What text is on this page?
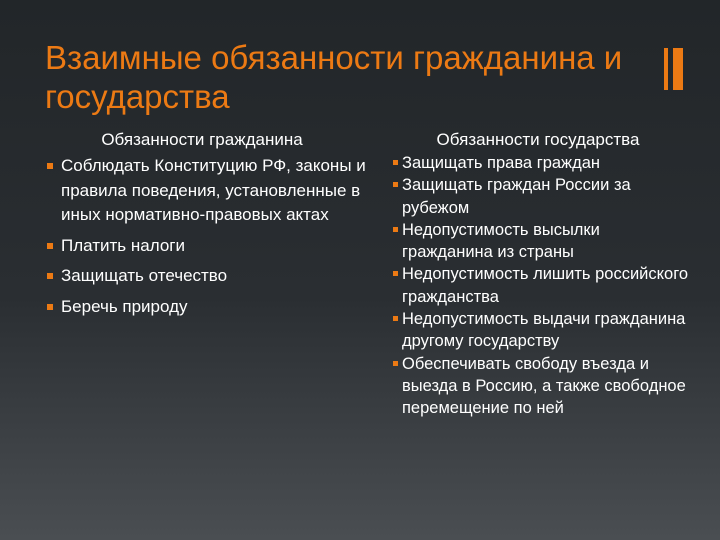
Взаимные обязанности гражданина и
государства
Обязанности гражданина
Соблюдать Конституцию РФ, законы и правила поведения, установленные в иных нормативно-правовых актах
Платить налоги
Защищать отечество
Беречь природу
Обязанности государства
Защищать права граждан
Защищать граждан России за рубежом
Недопустимость высылки гражданина из страны
Недопустимость лишить российского гражданства
Недопустимость выдачи гражданина другому государству
Обеспечивать свободу въезда и выезда в Россию, а также свободное перемещение по ней
